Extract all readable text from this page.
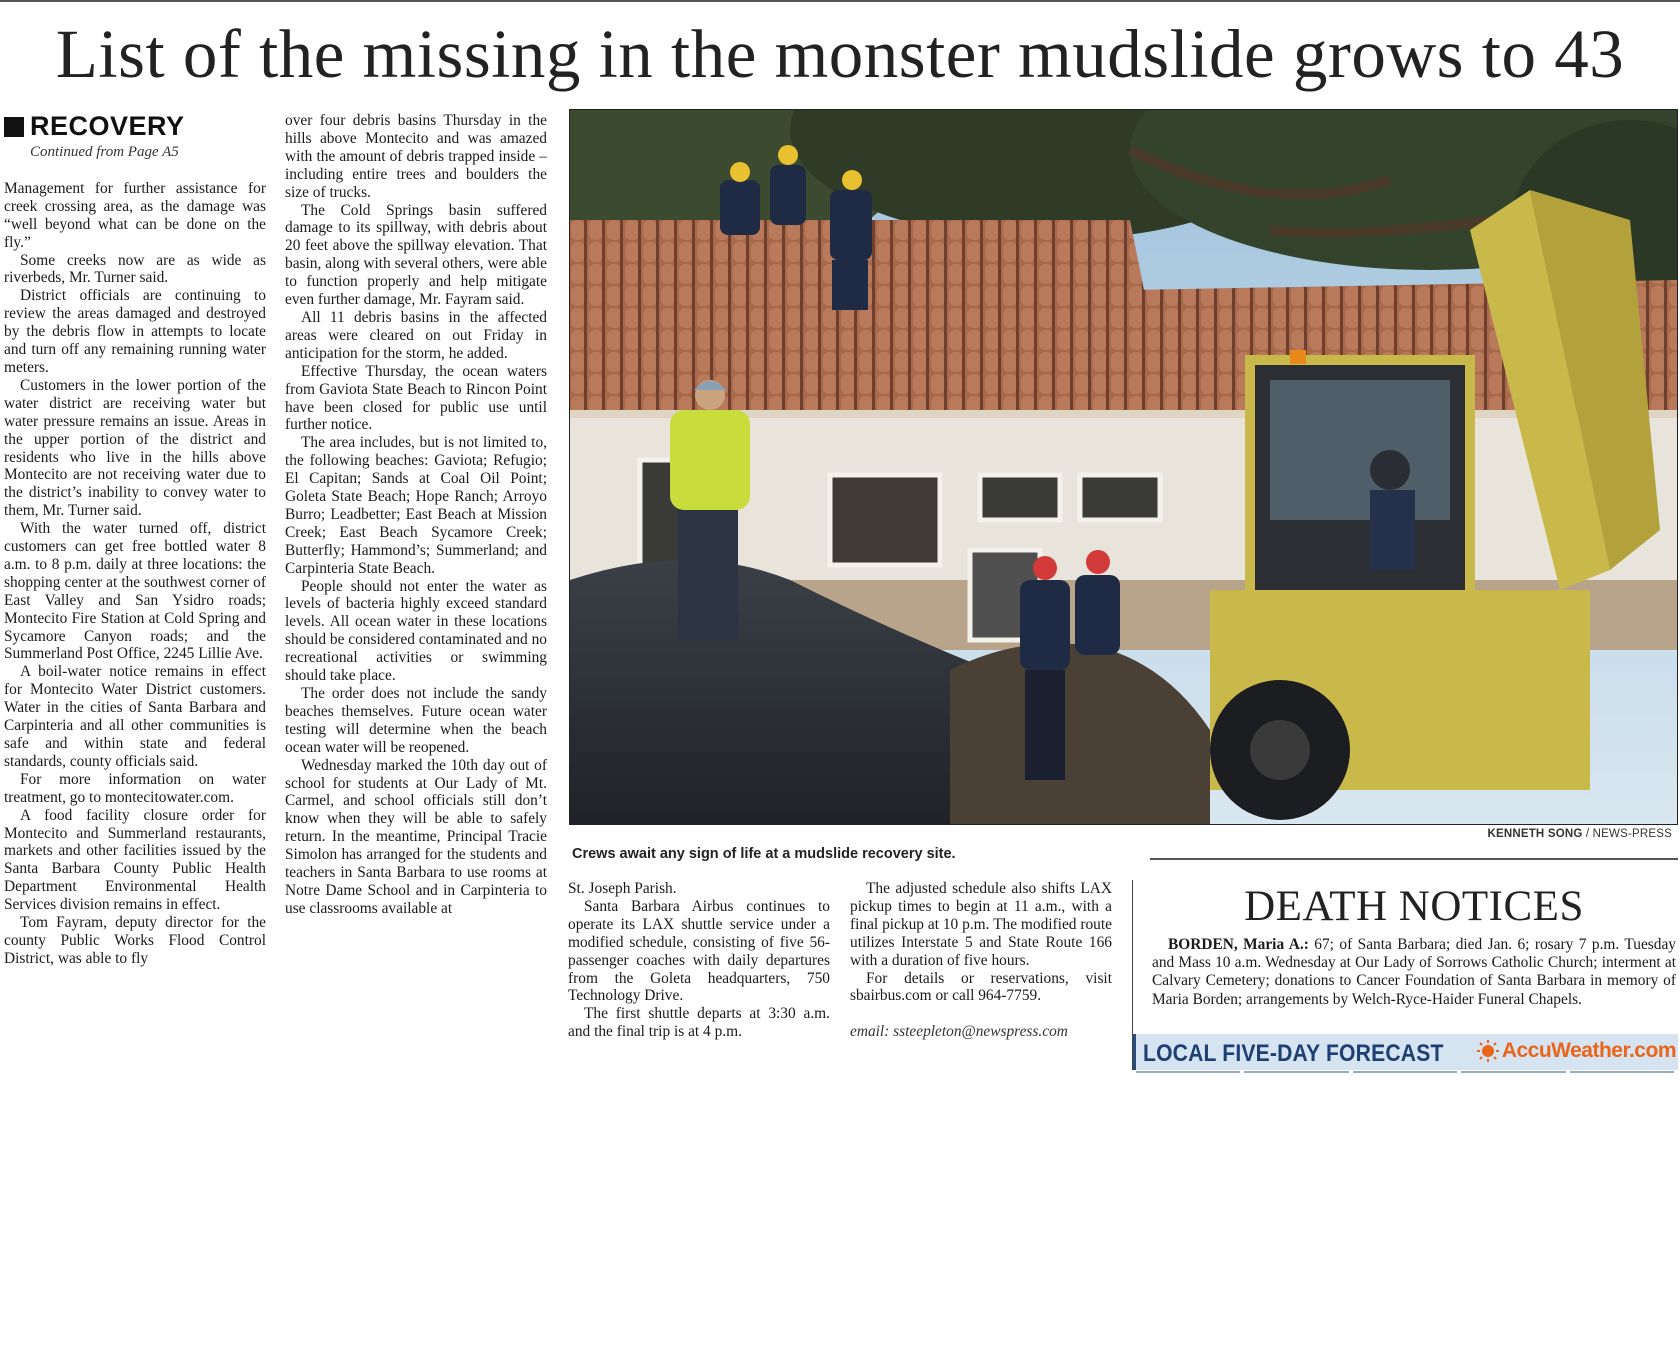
List of the missing in the monster mudslide grows to 43
RECOVERY
Continued from Page A5

Management for further assistance for creek crossing area, as the damage was “well beyond what can be done on the fly.”

Some creeks now are as wide as riverbeds, Mr. Turner said.

District officials are continuing to review the areas damaged and destroyed by the debris flow in attempts to locate and turn off any remaining running water meters.

Customers in the lower portion of the water district are receiving water but water pressure remains an issue. Areas in the upper portion of the district and residents who live in the hills above Montecito are not receiving water due to the district’s inability to convey water to them, Mr. Turner said.

With the water turned off, district customers can get free bottled water 8 a.m. to 8 p.m. daily at three locations: the shopping center at the southwest corner of East Valley and San Ysidro roads; Montecito Fire Station at Cold Spring and Sycamore Canyon roads; and the Summerland Post Office, 2245 Lillie Ave.

A boil-water notice remains in effect for Montecito Water District customers. Water in the cities of Santa Barbara and Carpinteria and all other communities is safe and within state and federal standards, county officials said.

For more information on water treatment, go to montecitowater.com.

A food facility closure order for Montecito and Summerland restaurants, markets and other facilities issued by the Santa Barbara County Public Health Department Environmental Health Services division remains in effect.

Tom Fayram, deputy director for the county Public Works Flood Control District, was able to fly

over four debris basins Thursday in the hills above Montecito and was amazed with the amount of debris trapped inside – including entire trees and boulders the size of trucks.

The Cold Springs basin suffered damage to its spillway, with debris about 20 feet above the spillway elevation. That basin, along with several others, were able to function properly and help mitigate even further damage, Mr. Fayram said.

All 11 debris basins in the affected areas were cleared on out Friday in anticipation for the storm, he added.

Effective Thursday, the ocean waters from Gaviota State Beach to Rincon Point have been closed for public use until further notice.

The area includes, but is not limited to, the following beaches: Gaviota; Refugio; El Capitan; Sands at Coal Oil Point; Goleta State Beach; Hope Ranch; Arroyo Burro; Leadbetter; East Beach at Mission Creek; East Beach Sycamore Creek; Butterfly; Hammond’s; Summerland; and Carpinteria State Beach.

People should not enter the water as levels of bacteria highly exceed standard levels. All ocean water in these locations should be considered contaminated and no recreational activities or swimming should take place.

The order does not include the sandy beaches themselves. Future ocean water testing will determine when the beach ocean water will be reopened.

Wednesday marked the 10th day out of school for students at Our Lady of Mt. Carmel, and school officials still don’t know when they will be able to safely return. In the meantime, Principal Tracie Simolon has arranged for the students and teachers in Santa Barbara to use rooms at Notre Dame School and in Carpinteria to use classrooms available at

KENNETH SONG / NEWS-PRESS
Crews await any sign of life at a mudslide recovery site.

St. Joseph Parish.

Santa Barbara Airbus continues to operate its LAX shuttle service under a modified schedule, consisting of five 56-passenger coaches with daily departures from the Goleta headquarters, 750 Technology Drive.

The first shuttle departs at 3:30 a.m. and the final trip is at 4 p.m.

The adjusted schedule also shifts LAX pickup times to begin at 11 a.m., with a final pickup at 10 p.m. The modified route utilizes Interstate 5 and State Route 166 with a duration of five hours.

For details or reservations, visit sbairbus.com or call 964-7759.

email: ssteepleton@newspress.com

DEATH NOTICES

BORDEN, Maria A.: 67; of Santa Barbara; died Jan. 6; rosary 7 p.m. Tuesday and Mass 10 a.m. Wednesday at Our Lady of Sorrows Catholic Church; interment at Calvary Cemetery; donations to Cancer Foundation of Santa Barbara in memory of Maria Borden; arrangements by Welch-Ryce-Haider Funeral Chapels.

LOCAL FIVE-DAY FORECAST	AccuWeather.com
